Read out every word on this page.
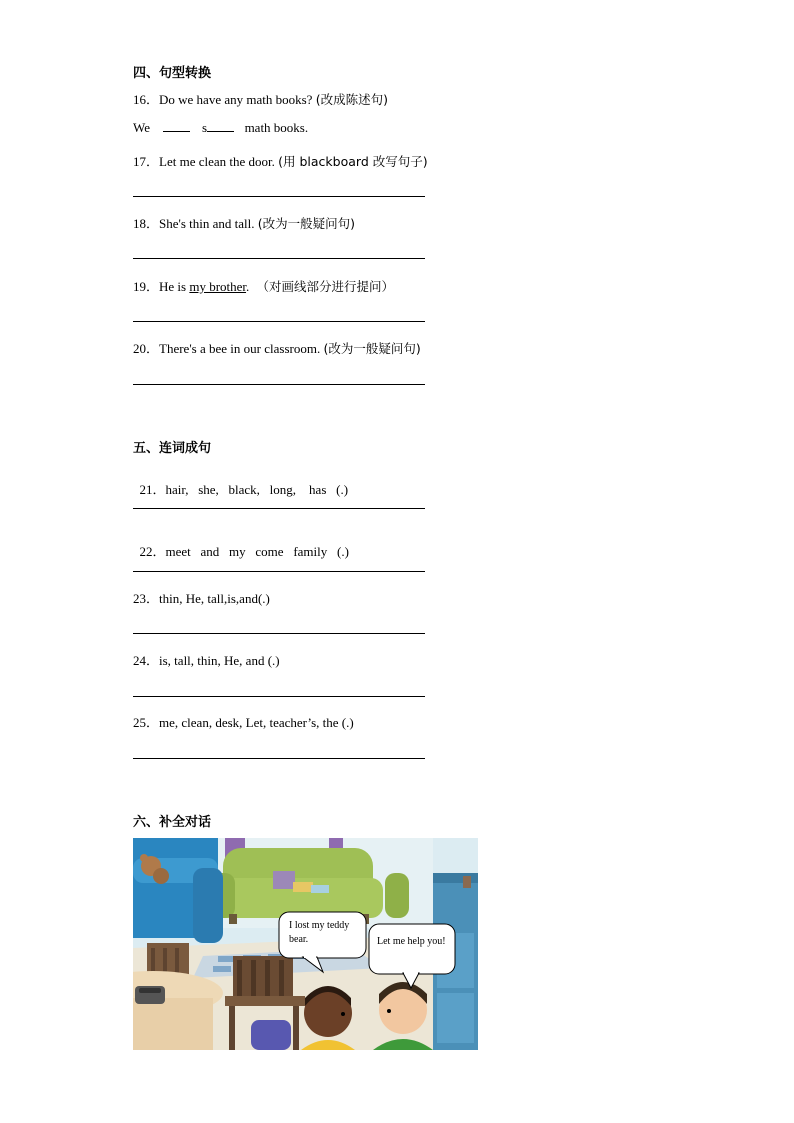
四、句型转换
16．Do we have any math books? (改成陈述句)
We	s	math books.
17．Let me clean the door. (用 blackboard 改写句子)
18．She's thin and tall. (改为一般疑问句)
19．He is my brother. （对画线部分进行提问）
20．There's a bee in our classroom. (改为一般疑问句)
五、连词成句

21．hair,   she,   black,   long,    has   (.)

22．meet   and   my   come   family   (.)

23．thin, He, tall,is,and(.)
24．is, tall, thin, He, and (.)
25．me, clean, desk, Let, teacher’s, the (.)
六、补全对话
I lost my teddy bear.	Let me help you!
